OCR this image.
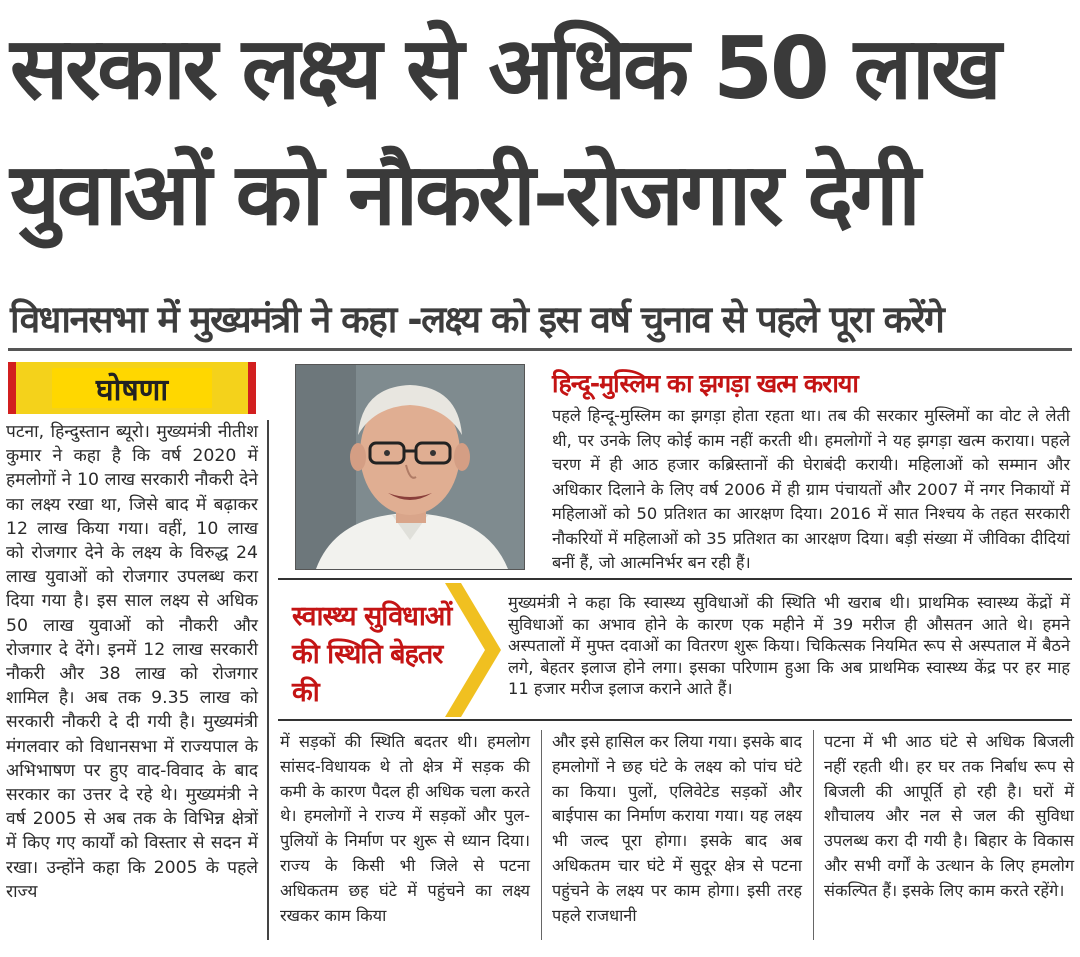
सरकार लक्ष्य से अधिक 50 लाख
युवाओं को नौकरी-रोजगार देगी
विधानसभा में मुख्यमंत्री ने कहा -लक्ष्य को इस वर्ष चुनाव से पहले पूरा करेंगे
घोषणा
पटना, हिन्दुस्तान ब्यूरो। मुख्यमंत्री नीतीश कुमार ने कहा है कि वर्ष 2020 में हमलोगों ने 10 लाख सरकारी नौकरी देने का लक्ष्य रखा था, जिसे बाद में बढ़ाकर 12 लाख किया गया। वहीं, 10 लाख को रोजगार देने के लक्ष्य के विरुद्ध 24 लाख युवाओं को रोजगार उपलब्ध करा दिया गया है। इस साल लक्ष्य से अधिक 50 लाख युवाओं को नौकरी और रोजगार दे देंगे। इनमें 12 लाख सरकारी नौकरी और 38 लाख को रोजगार शामिल है। अब तक 9.35 लाख को सरकारी नौकरी दे दी गयी है। मुख्यमंत्री मंगलवार को विधानसभा में राज्यपाल के अभिभाषण पर हुए वाद-विवाद के बाद सरकार का उत्तर दे रहे थे। मुख्यमंत्री ने वर्ष 2005 से अब तक के विभिन्न क्षेत्रों में किए गए कार्यों को विस्तार से सदन में रखा। उन्होंने कहा कि 2005 के पहले राज्य
हिन्दू-मुस्लिम का झगड़ा खत्म कराया
पहले हिन्दू-मुस्लिम का झगड़ा होता रहता था। तब की सरकार मुस्लिमों का वोट ले लेती थी, पर उनके लिए कोई काम नहीं करती थी। हमलोगों ने यह झगड़ा खत्म कराया। पहले चरण में ही आठ हजार कब्रिस्तानों की घेराबंदी करायी। महिलाओं को सम्मान और अधिकार दिलाने के लिए वर्ष 2006 में ही ग्राम पंचायतों और 2007 में नगर निकायों में महिलाओं को 50 प्रतिशत का आरक्षण दिया। 2016 में सात निश्चय के तहत सरकारी नौकरियों में महिलाओं को 35 प्रतिशत का आरक्षण दिया। बड़ी संख्या में जीविका दीदियां बनीं हैं, जो आत्मनिर्भर बन रही हैं।
स्वास्थ्य सुविधाओं की स्थिति बेहतर की
मुख्यमंत्री ने कहा कि स्वास्थ्य सुविधाओं की स्थिति भी खराब थी। प्राथमिक स्वास्थ्य केंद्रों में सुविधाओं का अभाव होने के कारण एक महीने में 39 मरीज ही औसतन आते थे। हमने अस्पतालों में मुफ्त दवाओं का वितरण शुरू किया। चिकित्सक नियमित रूप से अस्पताल में बैठने लगे, बेहतर इलाज होने लगा। इसका परिणाम हुआ कि अब प्राथमिक स्वास्थ्य केंद्र पर हर माह 11 हजार मरीज इलाज कराने आते हैं।
में सड़कों की स्थिति बदतर थी। हमलोग सांसद-विधायक थे तो क्षेत्र में सड़क की कमी के कारण पैदल ही अधिक चला करते थे। हमलोगों ने राज्य में सड़कों और पुल-पुलियों के निर्माण पर शुरू से ध्यान दिया। राज्य के किसी भी जिले से पटना अधिकतम छह घंटे में पहुंचने का लक्ष्य रखकर काम किया
और इसे हासिल कर लिया गया। इसके बाद हमलोगों ने छह घंटे के लक्ष्य को पांच घंटे का किया। पुलों, एलिवेटेड सड़कों और बाईपास का निर्माण कराया गया। यह लक्ष्य भी जल्द पूरा होगा। इसके बाद अब अधिकतम चार घंटे में सुदूर क्षेत्र से पटना पहुंचने के लक्ष्य पर काम होगा। इसी तरह पहले राजधानी
पटना में भी आठ घंटे से अधिक बिजली नहीं रहती थी। हर घर तक निर्बाध रूप से बिजली की आपूर्ति हो रही है। घरों में शौचालय और नल से जल की सुविधा उपलब्ध करा दी गयी है। बिहार के विकास और सभी वर्गों के उत्थान के लिए हमलोग संकल्पित हैं। इसके लिए काम करते रहेंगे।
